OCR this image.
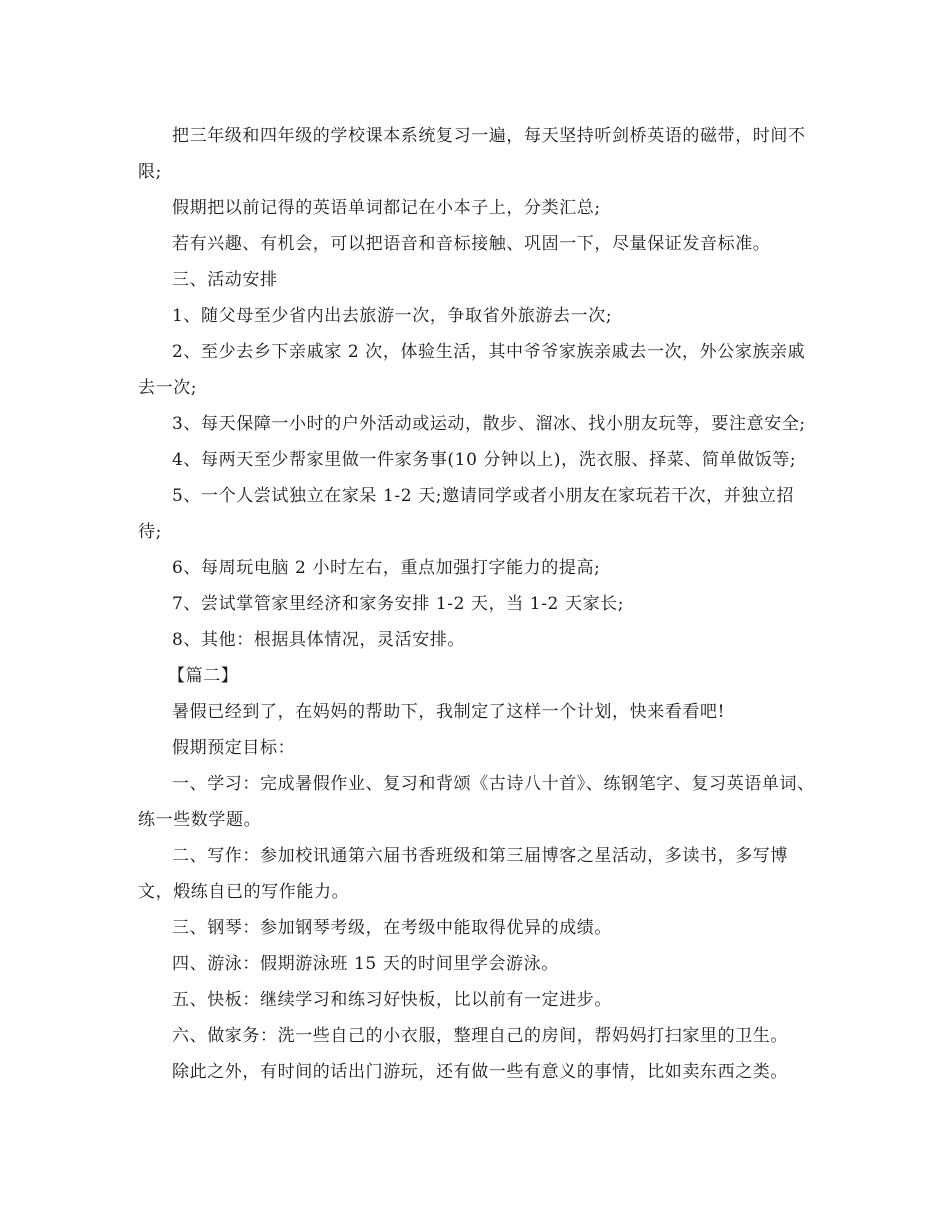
把三年级和四年级的学校课本系统复习一遍，每天坚持听剑桥英语的磁带，时间不限;

假期把以前记得的英语单词都记在小本子上，分类汇总;

若有兴趣、有机会，可以把语音和音标接触、巩固一下，尽量保证发音标准。

三、活动安排

1、随父母至少省内出去旅游一次，争取省外旅游去一次;

2、至少去乡下亲戚家 2 次，体验生活，其中爷爷家族亲戚去一次，外公家族亲戚去一次;

3、每天保障一小时的户外活动或运动，散步、溜冰、找小朋友玩等，要注意安全;

4、每两天至少帮家里做一件家务事(10 分钟以上)，洗衣服、择菜、简单做饭等;

5、一个人尝试独立在家呆 1-2 天;邀请同学或者小朋友在家玩若干次，并独立招待;

6、每周玩电脑 2 小时左右，重点加强打字能力的提高;

7、尝试掌管家里经济和家务安排 1-2 天，当 1-2 天家长;

8、其他：根据具体情况，灵活安排。

【篇二】

暑假已经到了，在妈妈的帮助下，我制定了这样一个计划，快来看看吧!

假期预定目标：

一、学习：完成暑假作业、复习和背颂《古诗八十首》、练钢笔字、复习英语单词、练一些数学题。

二、写作：参加校讯通第六届书香班级和第三届博客之星活动，多读书，多写博文，煅练自已的写作能力。

三、钢琴：参加钢琴考级，在考级中能取得优异的成绩。

四、游泳：假期游泳班 15 天的时间里学会游泳。

五、快板：继续学习和练习好快板，比以前有一定进步。

六、做家务：洗一些自己的小衣服，整理自己的房间，帮妈妈打扫家里的卫生。

除此之外，有时间的话出门游玩，还有做一些有意义的事情，比如卖东西之类。
